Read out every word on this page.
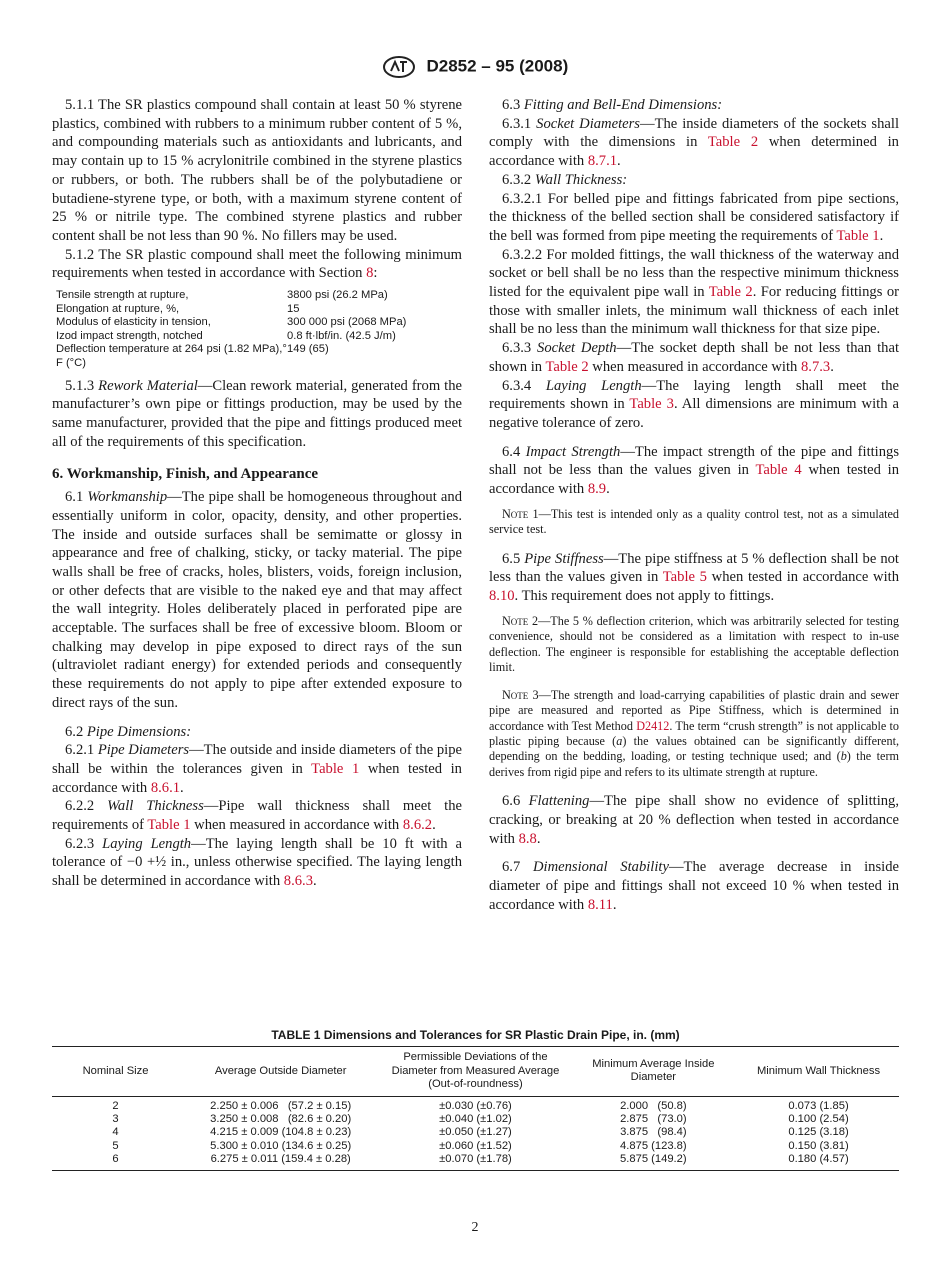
D2852 – 95 (2008)

5.1.1 The SR plastics compound shall contain at least 50 % styrene plastics, combined with rubbers to a minimum rubber content of 5 %, and compounding materials such as antioxidants and lubricants, and may contain up to 15 % acrylonitrile combined in the styrene plastics or rubbers, or both. The rubbers shall be of the polybutadiene or butadiene-styrene type, or both, with a maximum styrene content of 25 % or nitrile type. The combined styrene plastics and rubber content shall be not less than 90 %. No fillers may be used.

5.1.2 The SR plastic compound shall meet the following minimum requirements when tested in accordance with Section 8:

Tensile strength at rupture,	3800 psi (26.2 MPa)
Elongation at rupture, %,	15
Modulus of elasticity in tension,	300 000 psi (2068 MPa)
Izod impact strength, notched	0.8 ft·lbf/in. (42.5 J/m)
Deflection temperature at 264 psi (1.82 MPa),° F (°C)	149 (65)

5.1.3 Rework Material—Clean rework material, generated from the manufacturer’s own pipe or fittings production, may be used by the same manufacturer, provided that the pipe and fittings produced meet all of the requirements of this specification.

6. Workmanship, Finish, and Appearance

6.1 Workmanship—The pipe shall be homogeneous throughout and essentially uniform in color, opacity, density, and other properties. The inside and outside surfaces shall be semimatte or glossy in appearance and free of chalking, sticky, or tacky material. The pipe walls shall be free of cracks, holes, blisters, voids, foreign inclusion, or other defects that are visible to the naked eye and that may affect the wall integrity. Holes deliberately placed in perforated pipe are acceptable. The surfaces shall be free of excessive bloom. Bloom or chalking may develop in pipe exposed to direct rays of the sun (ultraviolet radiant energy) for extended periods and consequently these requirements do not apply to pipe after extended exposure to direct rays of the sun.

6.2 Pipe Dimensions:

6.2.1 Pipe Diameters—The outside and inside diameters of the pipe shall be within the tolerances given in Table 1 when tested in accordance with 8.6.1.

6.2.2 Wall Thickness—Pipe wall thickness shall meet the requirements of Table 1 when measured in accordance with 8.6.2.

6.2.3 Laying Length—The laying length shall be 10 ft with a tolerance of −0 +½ in., unless otherwise specified. The laying length shall be determined in accordance with 8.6.3.

6.3 Fitting and Bell-End Dimensions:

6.3.1 Socket Diameters—The inside diameters of the sockets shall comply with the dimensions in Table 2 when determined in accordance with 8.7.1.

6.3.2 Wall Thickness:

6.3.2.1 For belled pipe and fittings fabricated from pipe sections, the thickness of the belled section shall be considered satisfactory if the bell was formed from pipe meeting the requirements of Table 1.

6.3.2.2 For molded fittings, the wall thickness of the waterway and socket or bell shall be no less than the respective minimum thickness listed for the equivalent pipe wall in Table 2. For reducing fittings or those with smaller inlets, the minimum wall thickness of each inlet shall be no less than the minimum wall thickness for that size pipe.

6.3.3 Socket Depth—The socket depth shall be not less than that shown in Table 2 when measured in accordance with 8.7.3.

6.3.4 Laying Length—The laying length shall meet the requirements shown in Table 3. All dimensions are minimum with a negative tolerance of zero.

6.4 Impact Strength—The impact strength of the pipe and fittings shall not be less than the values given in Table 4 when tested in accordance with 8.9.

Note 1—This test is intended only as a quality control test, not as a simulated service test.

6.5 Pipe Stiffness—The pipe stiffness at 5 % deflection shall be not less than the values given in Table 5 when tested in accordance with 8.10. This requirement does not apply to fittings.

Note 2—The 5 % deflection criterion, which was arbitrarily selected for testing convenience, should not be considered as a limitation with respect to in-use deflection. The engineer is responsible for establishing the acceptable deflection limit.

Note 3—The strength and load-carrying capabilities of plastic drain and sewer pipe are measured and reported as Pipe Stiffness, which is determined in accordance with Test Method D2412. The term “crush strength” is not applicable to plastic piping because (a) the values obtained can be significantly different, depending on the bedding, loading, or testing technique used; and (b) the term derives from rigid pipe and refers to its ultimate strength at rupture.

6.6 Flattening—The pipe shall show no evidence of splitting, cracking, or breaking at 20 % deflection when tested in accordance with 8.8.

6.7 Dimensional Stability—The average decrease in inside diameter of pipe and fittings shall not exceed 10 % when tested in accordance with 8.11.

TABLE 1 Dimensions and Tolerances for SR Plastic Drain Pipe, in. (mm)
Nominal Size	Average Outside Diameter	Permissible Deviations of the Diameter from Measured Average (Out-of-roundness)	Minimum Average Inside Diameter	Minimum Wall Thickness
2	2.250 ± 0.006   (57.2 ± 0.15)	±0.030 (±0.76)	2.000   (50.8)	0.073 (1.85)
3	3.250 ± 0.008   (82.6 ± 0.20)	±0.040 (±1.02)	2.875   (73.0)	0.100 (2.54)
4	4.215 ± 0.009 (104.8 ± 0.23)	±0.050 (±1.27)	3.875   (98.4)	0.125 (3.18)
5	5.300 ± 0.010 (134.6 ± 0.25)	±0.060 (±1.52)	4.875 (123.8)	0.150 (3.81)
6	6.275 ± 0.011 (159.4 ± 0.28)	±0.070 (±1.78)	5.875 (149.2)	0.180 (4.57)
2
